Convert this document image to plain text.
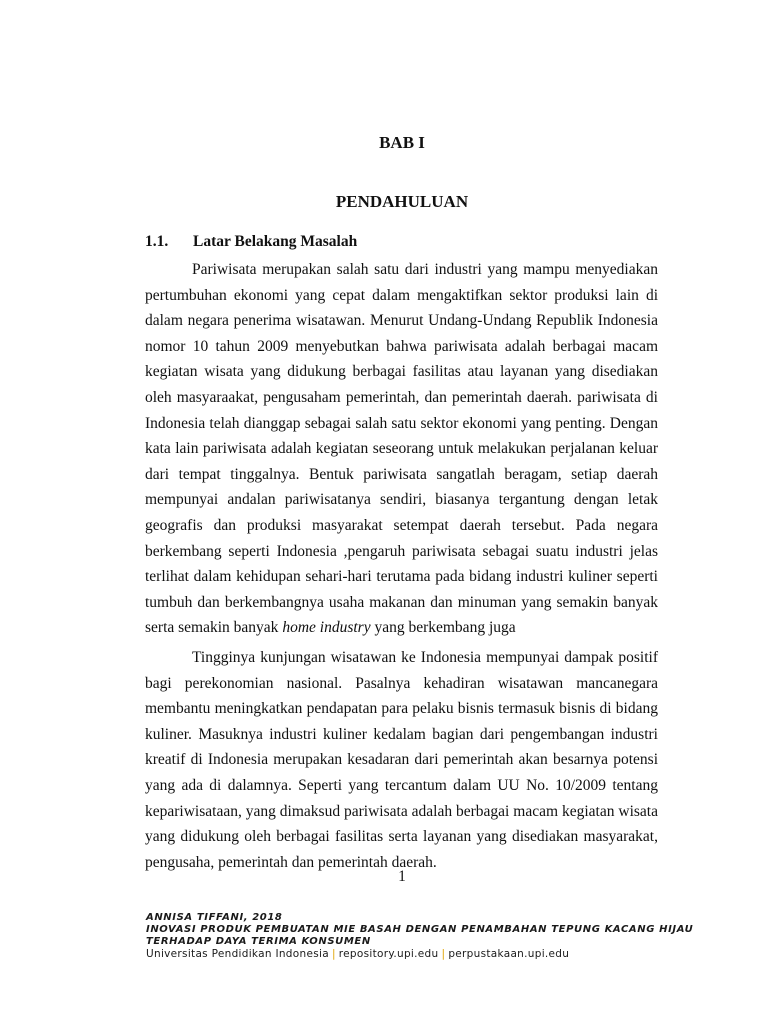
BAB I
PENDAHULUAN
1.1. Latar Belakang Masalah
Pariwisata merupakan salah satu dari industri yang mampu menyediakan
pertumbuhan ekonomi yang cepat dalam mengaktifkan sektor produksi lain di
dalam negara penerima wisatawan. Menurut Undang-Undang Republik Indonesia
nomor 10 tahun 2009 menyebutkan bahwa pariwisata adalah berbagai macam
kegiatan wisata yang didukung berbagai fasilitas atau layanan yang disediakan
oleh masyaraakat, pengusaham pemerintah, dan pemerintah daerah. pariwisata di
Indonesia telah dianggap sebagai salah satu sektor ekonomi yang penting. Dengan
kata lain pariwisata adalah kegiatan seseorang untuk melakukan perjalanan keluar
dari tempat tinggalnya. Bentuk pariwisata sangatlah beragam, setiap daerah
mempunyai andalan pariwisatanya sendiri, biasanya tergantung dengan letak
geografis dan produksi masyarakat setempat daerah tersebut. Pada negara
berkembang seperti Indonesia ,pengaruh pariwisata sebagai suatu industri jelas
terlihat dalam kehidupan sehari-hari terutama pada bidang industri kuliner seperti
tumbuh dan berkembangnya usaha makanan dan minuman yang semakin banyak
serta semakin banyak home industry yang berkembang juga
Tingginya kunjungan wisatawan ke Indonesia mempunyai dampak positif
bagi perekonomian nasional. Pasalnya kehadiran wisatawan mancanegara
membantu meningkatkan pendapatan para pelaku bisnis termasuk bisnis di bidang
kuliner. Masuknya industri kuliner kedalam bagian dari pengembangan industri
kreatif di Indonesia merupakan kesadaran dari pemerintah akan besarnya potensi
yang ada di dalamnya. Seperti yang tercantum dalam UU No. 10/2009 tentang
kepariwisataan, yang dimaksud pariwisata adalah berbagai macam kegiatan wisata
yang didukung oleh berbagai fasilitas serta layanan yang disediakan masyarakat,
pengusaha, pemerintah dan pemerintah daerah.
1
ANNISA TIFFANI, 2018
INOVASI PRODUK PEMBUATAN MIE BASAH DENGAN PENAMBAHAN TEPUNG KACANG HIJAU
TERHADAP DAYA TERIMA KONSUMEN
Universitas Pendidikan Indonesia | repository.upi.edu | perpustakaan.upi.edu
